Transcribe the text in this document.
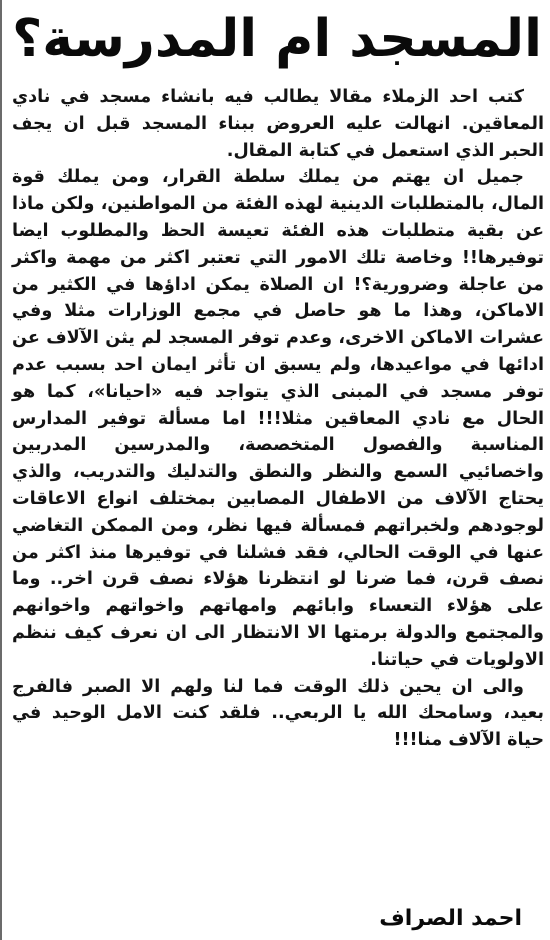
المسجد ام المدرسة؟

كتب احد الزملاء مقالا يطالب فيه بانشاء مسجد في نادي المعاقين. انهالت عليه العروض ببناء المسجد قبل ان يجف الحبر الذي استعمل في كتابة المقال.

جميل ان يهتم من يملك سلطة القرار، ومن يملك قوة المال، بالمتطلبات الدينية لهذه الفئة من المواطنين، ولكن ماذا عن بقية متطلبات هذه الفئة تعيسة الحظ والمطلوب ايضا توفيرها!! وخاصة تلك الامور التي تعتبر اكثر من مهمة واكثر من عاجلة وضرورية؟! ان الصلاة يمكن اداؤها في الكثير من الاماكن، وهذا ما هو حاصل في مجمع الوزارات مثلا وفي عشرات الاماكن الاخرى، وعدم توفر المسجد لم يثن الآلاف عن ادائها في مواعيدها، ولم يسبق ان تأثر ايمان احد بسبب عدم توفر مسجد في المبنى الذي يتواجد فيه «احيانا»، كما هو الحال مع نادي المعاقين مثلا!!! اما مسألة توفير المدارس المناسبة والفصول المتخصصة، والمدرسين المدربين واخصائيي السمع والنظر والنطق والتدليك والتدريب، والذي يحتاج الآلاف من الاطفال المصابين بمختلف انواع الاعاقات لوجودهم ولخبراتهم فمسألة فيها نظر، ومن الممكن التغاضي عنها في الوقت الحالي، فقد فشلنا في توفيرها منذ اكثر من نصف قرن، فما ضرنا لو انتظرنا هؤلاء نصف قرن اخر.. وما على هؤلاء التعساء وابائهم وامهاتهم واخواتهم واخوانهم والمجتمع والدولة برمتها الا الانتظار الى ان نعرف كيف ننظم الاولويات في حياتنا.

والى ان يحين ذلك الوقت فما لنا ولهم الا الصبر فالفرج بعيد، وسامحك الله يا الربعي.. فلقد كنت الامل الوحيد في حياة الآلاف منا!!!

احمد الصراف
